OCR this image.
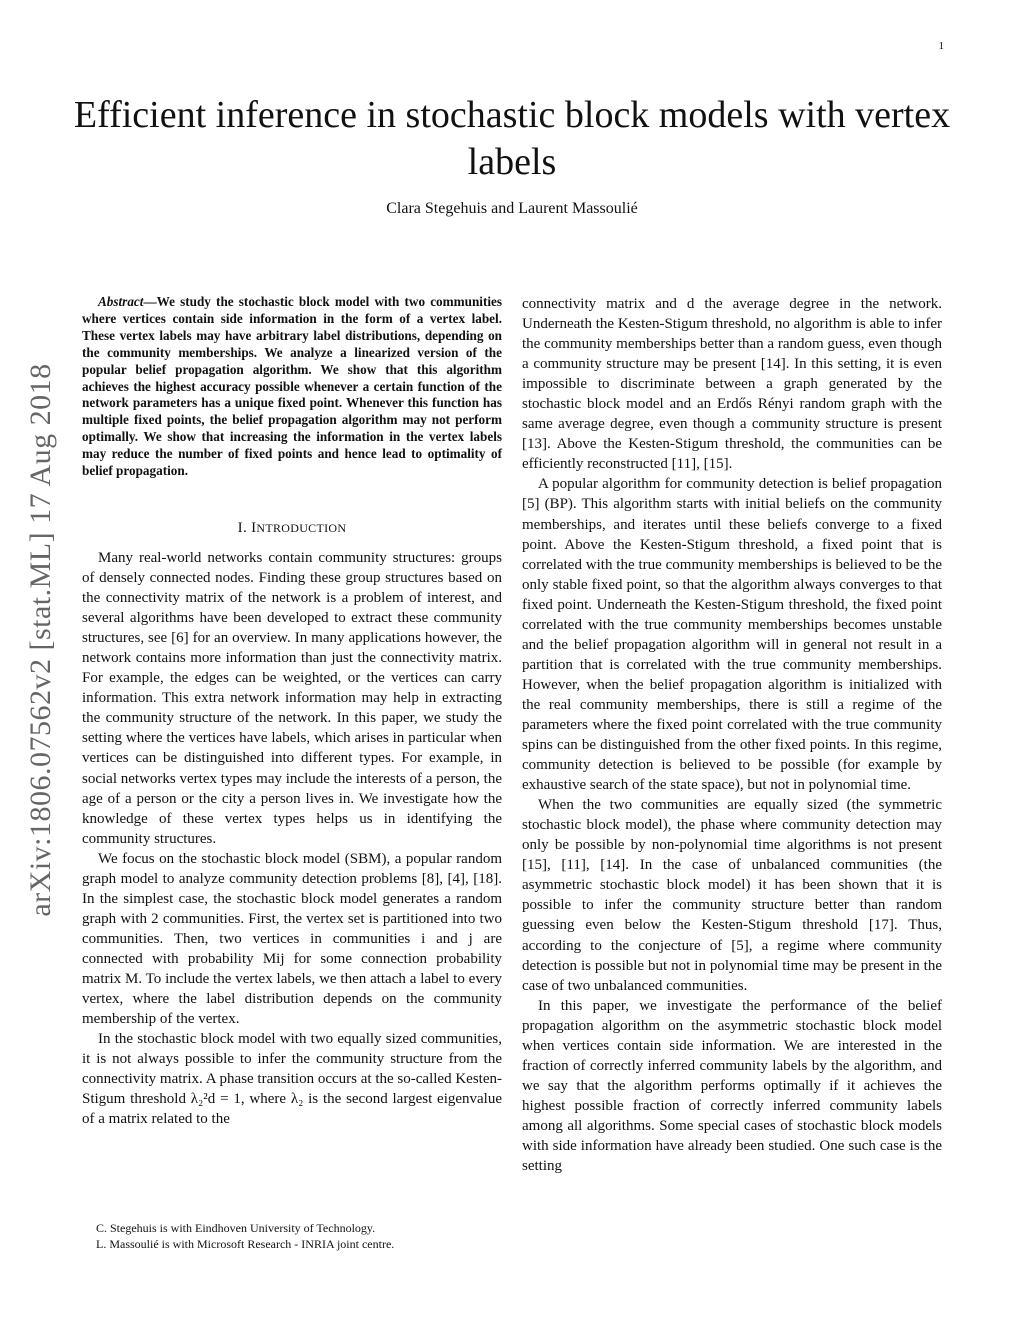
1
Efficient inference in stochastic block models with vertex labels
Clara Stegehuis and Laurent Massoulié
arXiv:1806.07562v2 [stat.ML] 17 Aug 2018

Abstract—We study the stochastic block model with two communities where vertices contain side information in the form of a vertex label. These vertex labels may have arbitrary label distributions, depending on the community memberships. We analyze a linearized version of the popular belief propagation algorithm. We show that this algorithm achieves the highest accuracy possible whenever a certain function of the network parameters has a unique fixed point. Whenever this function has multiple fixed points, the belief propagation algorithm may not perform optimally. We show that increasing the information in the vertex labels may reduce the number of fixed points and hence lead to optimality of belief propagation.

I. INTRODUCTION

Many real-world networks contain community structures: groups of densely connected nodes. Finding these group structures based on the connectivity matrix of the network is a problem of interest, and several algorithms have been developed to extract these community structures, see [6] for an overview. In many applications however, the network contains more information than just the connectivity matrix. For example, the edges can be weighted, or the vertices can carry information. This extra network information may help in extracting the community structure of the network. In this paper, we study the setting where the vertices have labels, which arises in particular when vertices can be distinguished into different types. For example, in social networks vertex types may include the interests of a person, the age of a person or the city a person lives in. We investigate how the knowledge of these vertex types helps us in identifying the community structures.

We focus on the stochastic block model (SBM), a popular random graph model to analyze community detection problems [8], [4], [18]. In the simplest case, the stochastic block model generates a random graph with 2 communities. First, the vertex set is partitioned into two communities. Then, two vertices in communities i and j are connected with probability Mij for some connection probability matrix M. To include the vertex labels, we then attach a label to every vertex, where the label distribution depends on the community membership of the vertex.

In the stochastic block model with two equally sized communities, it is not always possible to infer the community structure from the connectivity matrix. A phase transition occurs at the so-called Kesten-Stigum threshold λ₂²d = 1, where λ₂ is the second largest eigenvalue of a matrix related to the

connectivity matrix and d the average degree in the network. Underneath the Kesten-Stigum threshold, no algorithm is able to infer the community memberships better than a random guess, even though a community structure may be present [14]. In this setting, it is even impossible to discriminate between a graph generated by the stochastic block model and an Erdős Rényi random graph with the same average degree, even though a community structure is present [13]. Above the Kesten-Stigum threshold, the communities can be efficiently reconstructed [11], [15].

A popular algorithm for community detection is belief propagation [5] (BP). This algorithm starts with initial beliefs on the community memberships, and iterates until these beliefs converge to a fixed point. Above the Kesten-Stigum threshold, a fixed point that is correlated with the true community memberships is believed to be the only stable fixed point, so that the algorithm always converges to that fixed point. Underneath the Kesten-Stigum threshold, the fixed point correlated with the true community memberships becomes unstable and the belief propagation algorithm will in general not result in a partition that is correlated with the true community memberships. However, when the belief propagation algorithm is initialized with the real community memberships, there is still a regime of the parameters where the fixed point correlated with the true community spins can be distinguished from the other fixed points. In this regime, community detection is believed to be possible (for example by exhaustive search of the state space), but not in polynomial time.

When the two communities are equally sized (the symmetric stochastic block model), the phase where community detection may only be possible by non-polynomial time algorithms is not present [15], [11], [14]. In the case of unbalanced communities (the asymmetric stochastic block model) it has been shown that it is possible to infer the community structure better than random guessing even below the Kesten-Stigum threshold [17]. Thus, according to the conjecture of [5], a regime where community detection is possible but not in polynomial time may be present in the case of two unbalanced communities.

In this paper, we investigate the performance of the belief propagation algorithm on the asymmetric stochastic block model when vertices contain side information. We are interested in the fraction of correctly inferred community labels by the algorithm, and we say that the algorithm performs optimally if it achieves the highest possible fraction of correctly inferred community labels among all algorithms. Some special cases of stochastic block models with side information have already been studied. One such case is the setting

C. Stegehuis is with Eindhoven University of Technology.
L. Massoulié is with Microsoft Research - INRIA joint centre.
